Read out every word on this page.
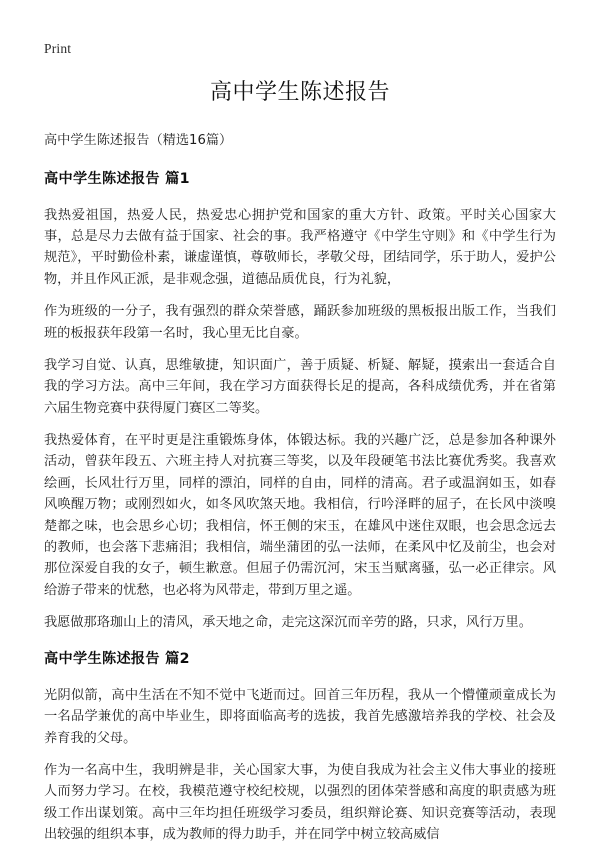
Print
高中学生陈述报告

高中学生陈述报告（精选16篇）

高中学生陈述报告 篇1

我热爱祖国，热爱人民，热爱忠心拥护党和国家的重大方针、政策。平时关心国家大事，总是尽力去做有益于国家、社会的事。我严格遵守《中学生守则》和《中学生行为规范》，平时勤俭朴素，谦虚谨慎，尊敬师长，孝敬父母，团结同学，乐于助人，爱护公物，并且作风正派，是非观念强，道德品质优良，行为礼貌，

作为班级的一分子，我有强烈的群众荣誉感，踊跃参加班级的黑板报出版工作，当我们班的板报获年段第一名时，我心里无比自豪。

我学习自觉、认真，思维敏捷，知识面广，善于质疑、析疑、解疑，摸索出一套适合自我的学习方法。高中三年间，我在学习方面获得长足的提高，各科成绩优秀，并在省第六届生物竞赛中获得厦门赛区二等奖。

我热爱体育，在平时更是注重锻炼身体，体锻达标。我的兴趣广泛，总是参加各种课外活动，曾获年段五、六班主持人对抗赛三等奖，以及年段硬笔书法比赛优秀奖。我喜欢绘画，长风壮行万里，同样的漂泊，同样的自由，同样的清高。君子或温润如玉，如春风唤醒万物；或刚烈如火，如冬风吹煞天地。我相信，行吟泽畔的屈子，在长风中淡嗅楚都之味，也会思乡心切；我相信，怀王侧的宋玉，在雄风中迷住双眼，也会思念远去的教师，也会落下悲痛泪；我相信，端坐蒲团的弘一法师，在柔风中忆及前尘，也会对那位深爱自我的女子，顿生歉意。但屈子仍需沉河，宋玉当赋离骚，弘一必正律宗。风给游子带来的忧愁，也必将为风带走，带到万里之遥。

我愿做那珞珈山上的清风，承天地之命，走完这深沉而辛劳的路，只求，风行万里。

高中学生陈述报告 篇2

光阴似箭，高中生活在不知不觉中飞逝而过。回首三年历程，我从一个懵懂顽童成长为一名品学兼优的高中毕业生，即将面临高考的选拔，我首先感激培养我的学校、社会及养育我的父母。

作为一名高中生，我明辨是非，关心国家大事，为使自我成为社会主义伟大事业的接班人而努力学习。在校，我模范遵守校纪校规，以强烈的团体荣誉感和高度的职责感为班级工作出谋划策。高中三年均担任班级学习委员，组织辩论赛、知识竞赛等活动，表现出较强的组织本事，成为教师的得力助手，并在同学中树立较高威信
